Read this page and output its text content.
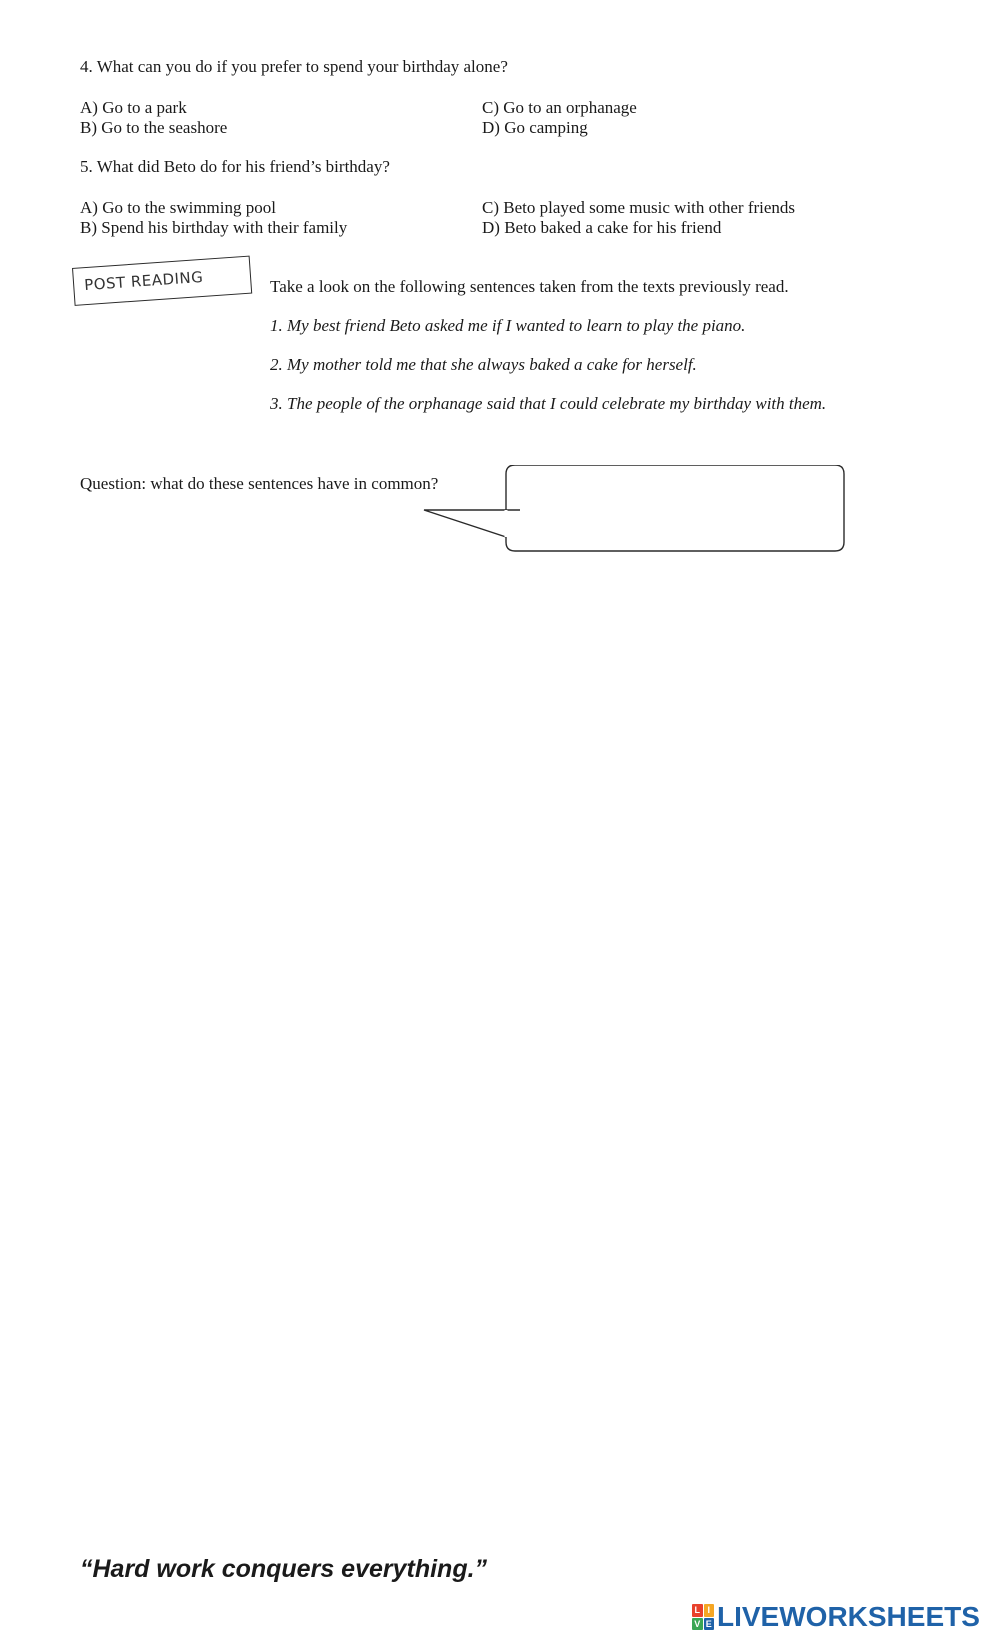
4. What can you do if you prefer to spend your birthday alone?
A) Go to a park
B) Go to the seashore
C) Go to an orphanage
D) Go camping
5. What did Beto do for his friend’s birthday?
A) Go to the swimming pool
B) Spend his birthday with their family
C) Beto played some music with other friends
D) Beto baked a cake for his friend
POST READING	Take a look on the following sentences taken from the texts previously read.
1. My best friend Beto asked me if I wanted to learn to play the piano.
2. My mother told me that she always baked a cake for herself.
3. The people of the orphanage said that I could celebrate my birthday with them.
Question: what do these sentences have in common?
“Hard work conquers everything.”
L I
V E LIVEWORKSHEETS
